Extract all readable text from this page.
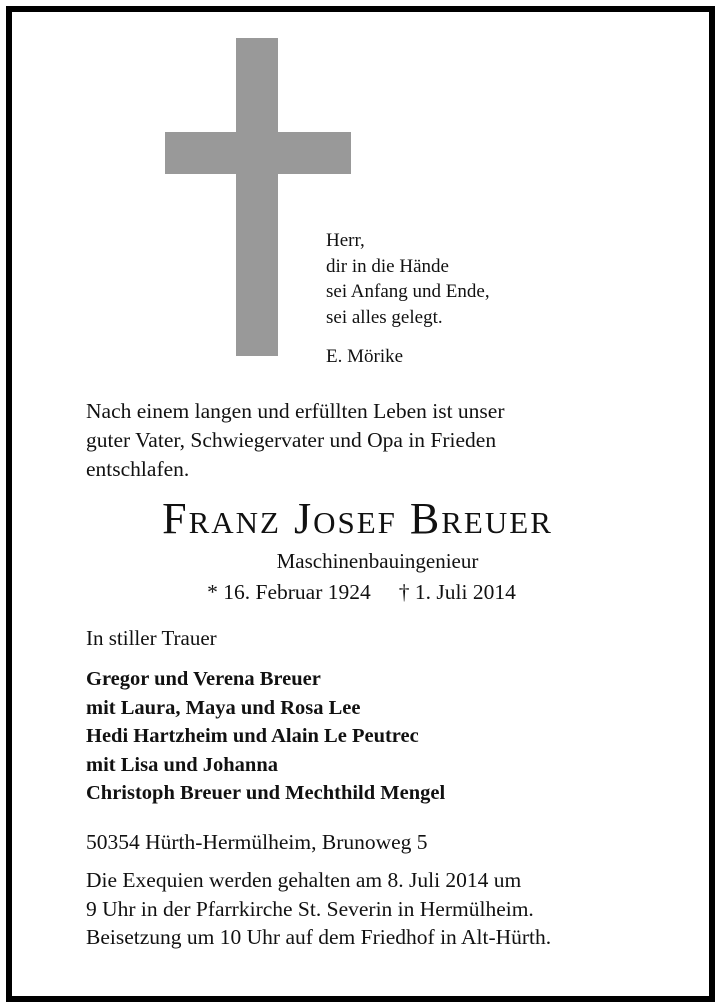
Herr,
dir in die Hände
sei Anfang und Ende,
sei alles gelegt.
E. Mörike
Nach einem langen und erfüllten Leben ist unser
guter Vater, Schwiegervater und Opa in Frieden
entschlafen.
Franz Josef Breuer
Maschinenbauingenieur
* 16. Februar 1924 † 1. Juli 2014
In stiller Trauer
Gregor und Verena Breuer
mit Laura, Maya und Rosa Lee
Hedi Hartzheim und Alain Le Peutrec
mit Lisa und Johanna
Christoph Breuer und Mechthild Mengel
50354 Hürth-Hermülheim, Brunoweg 5
Die Exequien werden gehalten am 8. Juli 2014 um
9 Uhr in der Pfarrkirche St. Severin in Hermülheim.
Beisetzung um 10 Uhr auf dem Friedhof in Alt-Hürth.
